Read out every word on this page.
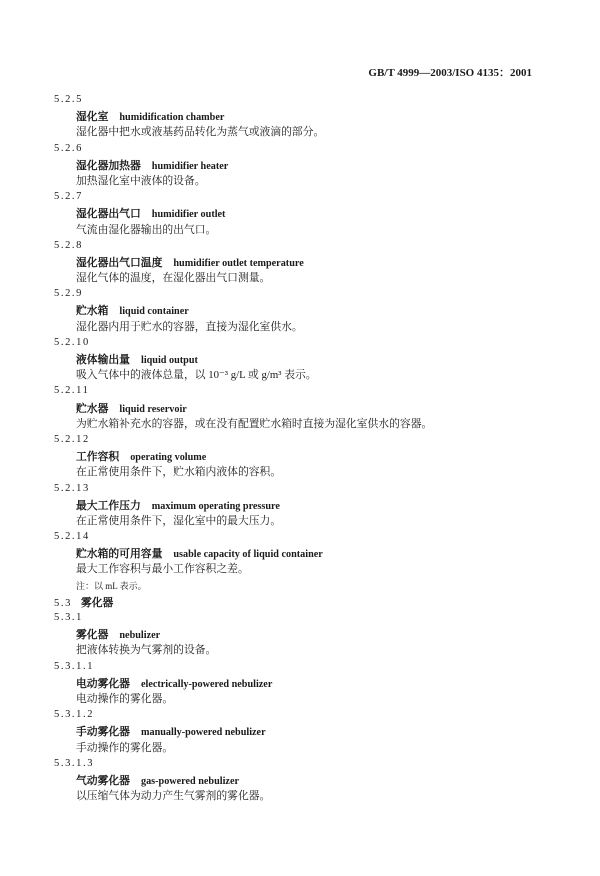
GB/T 4999—2003/ISO 4135：2001
5.2.5
湿化室 humidification chamber
湿化器中把水或液基药品转化为蒸气或液滴的部分。
5.2.6
湿化器加热器 humidifier heater
加热湿化室中液体的设备。
5.2.7
湿化器出气口 humidifier outlet
气流由湿化器输出的出气口。
5.2.8
湿化器出气口温度 humidifier outlet temperature
湿化气体的温度，在湿化器出气口测量。
5.2.9
贮水箱 liquid container
湿化器内用于贮水的容器，直接为湿化室供水。
5.2.10
液体输出量 liquid output
吸入气体中的液体总量，以 10⁻³ g/L 或 g/m³ 表示。
5.2.11
贮水器 liquid reservoir
为贮水箱补充水的容器，或在没有配置贮水箱时直接为湿化室供水的容器。
5.2.12
工作容积 operating volume
在正常使用条件下，贮水箱内液体的容积。
5.2.13
最大工作压力 maximum operating pressure
在正常使用条件下，湿化室中的最大压力。
5.2.14
贮水箱的可用容量 usable capacity of liquid container
最大工作容积与最小工作容积之差。
注：以 mL 表示。
5.3 雾化器
5.3.1
雾化器 nebulizer
把液体转换为气雾剂的设备。
5.3.1.1
电动雾化器 electrically-powered nebulizer
电动操作的雾化器。
5.3.1.2
手动雾化器 manually-powered nebulizer
手动操作的雾化器。
5.3.1.3
气动雾化器 gas-powered nebulizer
以压缩气体为动力产生气雾剂的雾化器。
